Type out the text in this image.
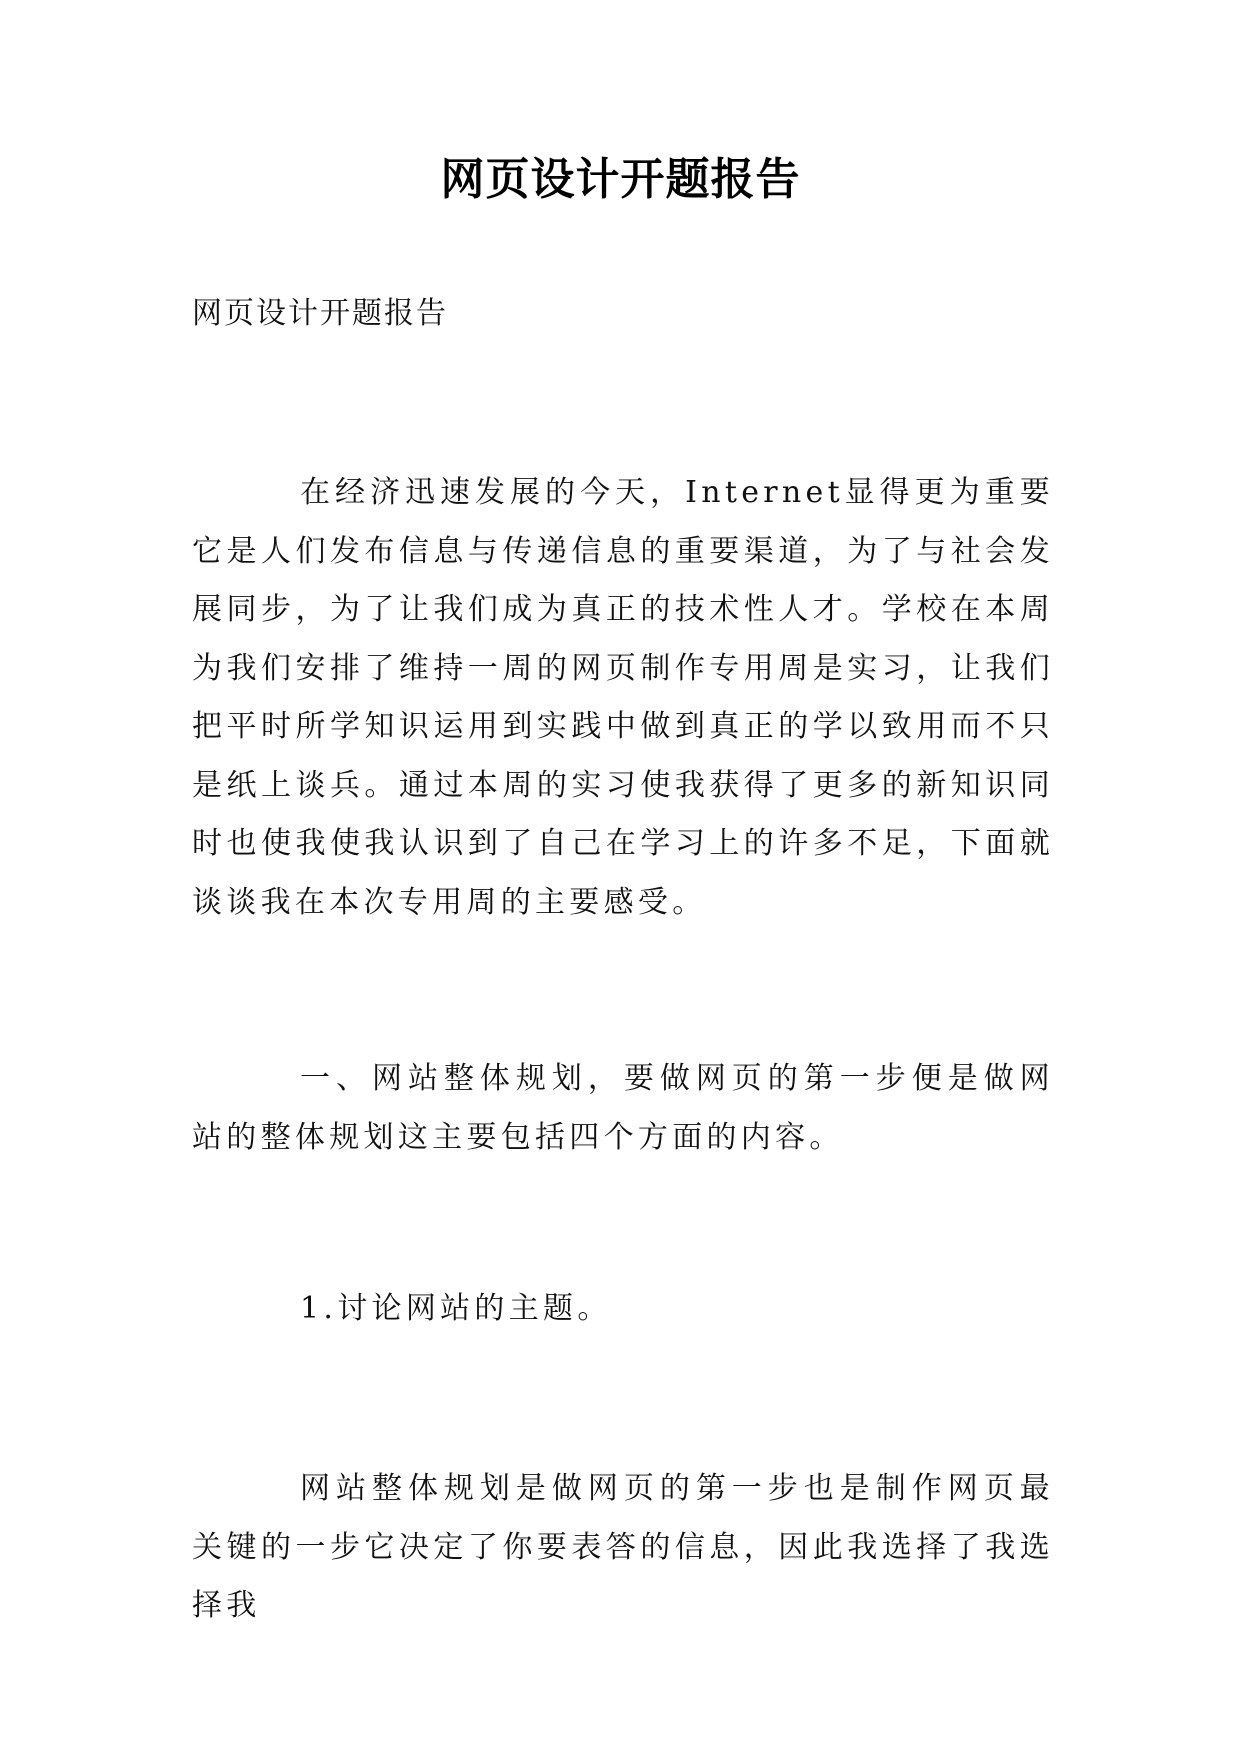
网页设计开题报告
网页设计开题报告

在经济迅速发展的今天，Internet显得更为重要它是人们发布信息与传递信息的重要渠道，为了与社会发展同步，为了让我们成为真正的技术性人才。学校在本周为我们安排了维持一周的网页制作专用周是实习，让我们把平时所学知识运用到实践中做到真正的学以致用而不只是纸上谈兵。通过本周的实习使我获得了更多的新知识同时也使我使我认识到了自己在学习上的许多不足，下面就谈谈我在本次专用周的主要感受。

一、网站整体规划，要做网页的第一步便是做网站的整体规划这主要包括四个方面的内容。

1.讨论网站的主题。

网站整体规划是做网页的第一步也是制作网页最关键的一步它决定了你要表答的信息，因此我选择了我选择我
